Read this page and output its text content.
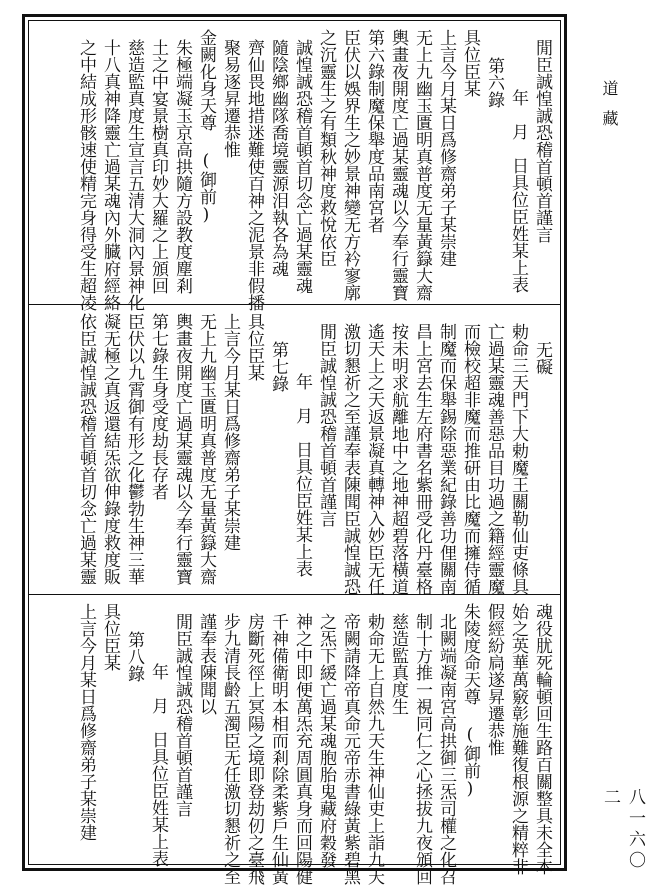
道藏
八一六〇二
閒臣誠惶誠恐稽首頓首謹言
年　月　日具位臣姓某上表
第六錄
具位臣某
上言今月某日爲修齋弟子某崇建
无上九幽玉匱明真普度无量黃籙大齋
輿畫夜開度亡過某靈魂以今奉行靈寶
第六錄制魔保舉度品南宮者
臣伏以娛界生之妙景神變无方衿寥廓
之沉靈生之有類秋神度救悅依臣
誠惶誠恐稽首頓首切念亡過某靈魂
隨陰鄉幽隊喬境靈源泪執各為魂
齊仙畏地措迷難使百神之泥景非假播
聚易逐昇遷恭惟
金闕化身天尊 (御前)
朱極端凝玉京高拱隨方設教度塵剎
土之中宴景樹真印妙大羅之上頒回
慈造監真度生宣言五清大洞內景神化
十八真神降靈亡過某魂內外臓府經絡
之中結成形骸速使精完身得受生超凌
无礙
勅命三天門下大勅魔王關勒仙吏條具
亡過某靈魂善惡品目功過之籍經靈魔
而檢校超非魔而推研由比魔而擁侍循
制魔而保舉錫除惡業紀錄善功俚關南
昌上宮去生左府書名紫冊受化丹臺格
按未明求航離地中之地神超碧落橫道
遙天上之天返景凝真轉神入妙臣无任
激切懇祈之至謹奉表陳聞臣誠惶誠恐
閒臣誠惶誠恐稽首頓首謹言
年　月　日具位臣姓某上表
第七錄
具位臣某
上言今月某日爲修齋弟子某崇建
无上九幽玉匱明真普度无量黃籙大齋
輿畫夜開度亡過某靈魂以今奉行靈寶
第七錄生身受度劫長存者
臣伏以九霄御有形之化鬱勃生神三華
凝无極之真返還結炁欲伸錄度救度販
依臣誠惶誠恐稽首頓首切念亡過某靈
魂役肬死輪頓回生路百關整具未全本
始之英華萬竅彰施難復根源之精粹非
假經紛扃遂昇遷恭惟
朱陵度命天尊 (御前)
北闕端凝南宮高拱御三炁司權之化召
制十方推一視同仁之心拯拔九夜頒回
慈造監真度生
勅命无上自然九天生神仙吏上詣九天
帝闕請降帝真命元帝赤書綠黃紫碧黑
之炁下緩亡過某魂胞胎鬼藏府穀發
神之中即便萬炁充周圓真身而回陽健
千神備衛明本相而剎除柔紫戶生仙黃
房斷死徑上冥陽之境即登劫仞之臺飛
步九清長齡五濁臣无任激切懇祈之至
謹奉表陳聞以
閒臣誠惶誠恐稽首頓首謹言
年　月　日具位臣姓某上表
第八錄
具位臣某
上言今月某日爲修齋弟子某崇建
